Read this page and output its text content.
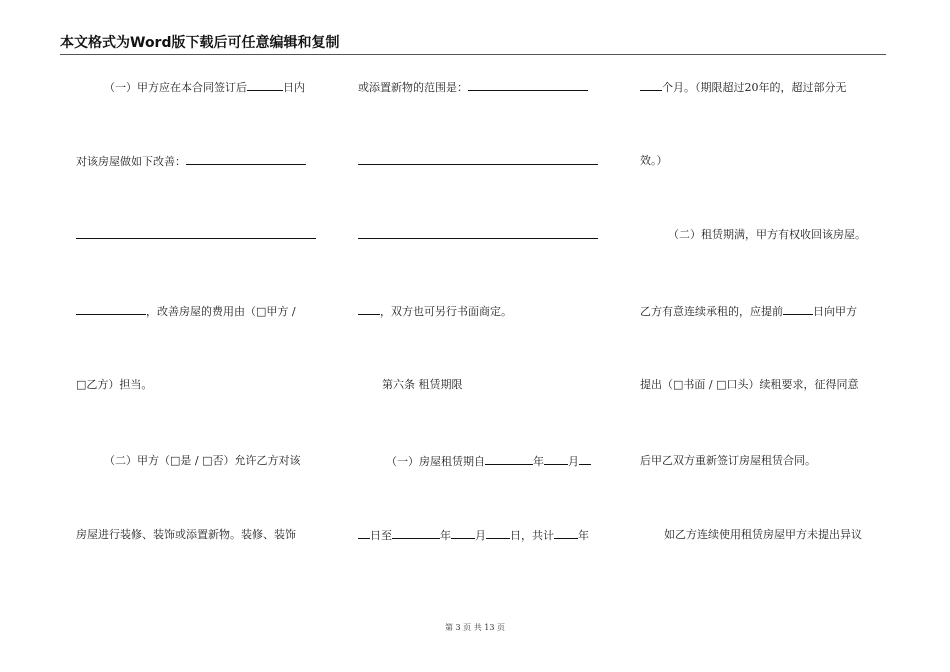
本文格式为Word版下载后可任意编辑和复制
（一）甲方应在本合同签订后	日内
对该房屋做如下改善：
，改善房屋的费用由（□甲方 /
□乙方）担当。
（二）甲方（□是 / □否）允许乙方对该
房屋进行装修、装饰或添置新物。装修、装饰
或添置新物的范围是：
，双方也可另行书面商定。
第六条 租赁期限
（一）房屋租赁期自	年 月
日至	年 月 日，共计 年
个月。（期限超过20年的，超过部分无
效。）
（二）租赁期满，甲方有权收回该房屋。
乙方有意连续承租的，应提前	日向甲方
提出（□书面 / □口头）续租要求，征得同意
后甲乙双方重新签订房屋租赁合同。
如乙方连续使用租赁房屋甲方未提出异议
第 3 页 共 13 页
